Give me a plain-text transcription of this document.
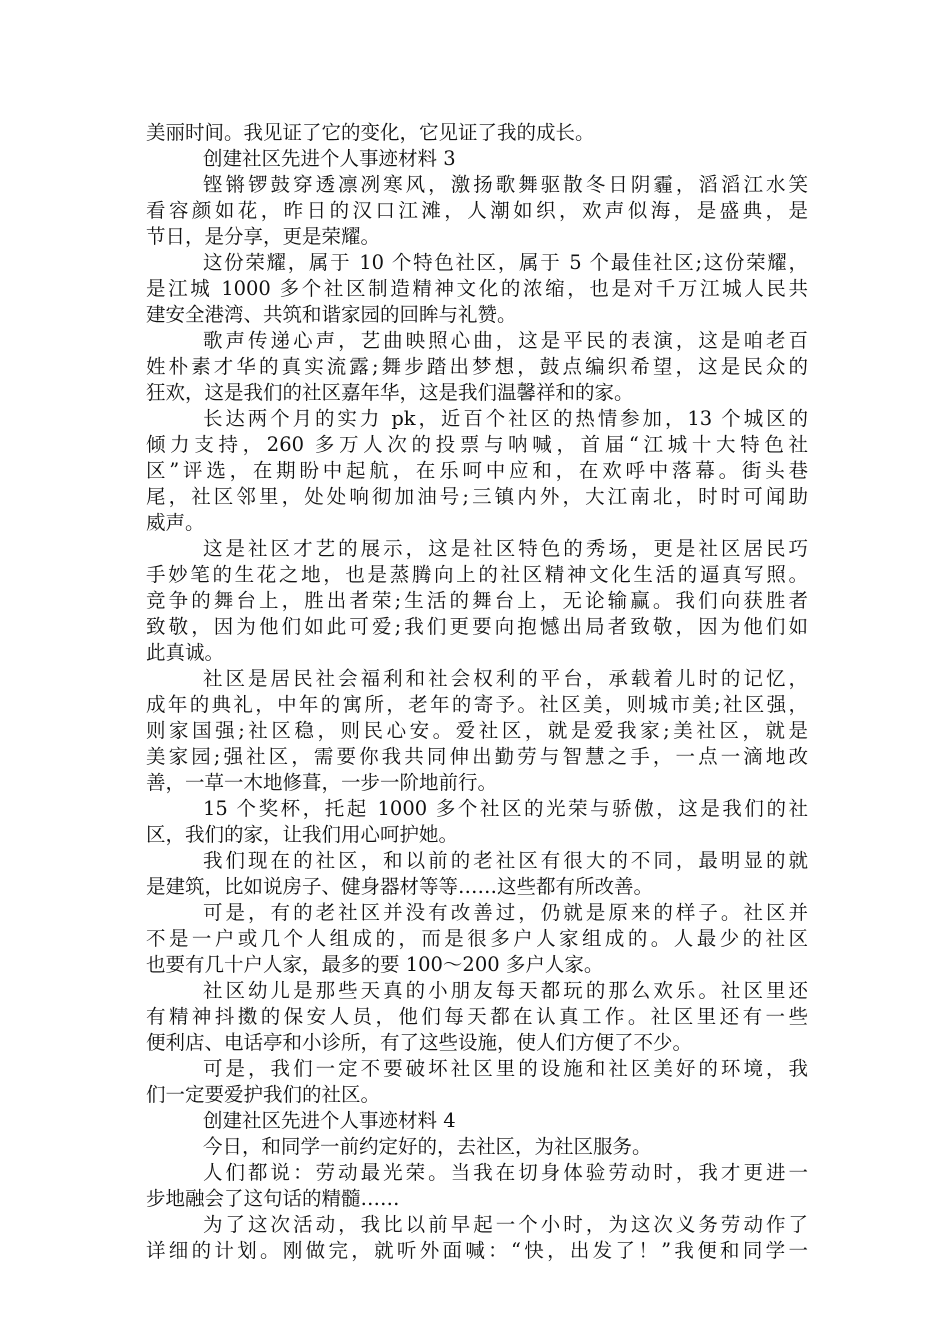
美丽时间。我见证了它的变化，它见证了我的成长。
创建社区先进个人事迹材料 3
铿锵锣鼓穿透凛冽寒风，激扬歌舞驱散冬日阴霾，滔滔江水笑
看容颜如花，昨日的汉口江滩，人潮如织，欢声似海，是盛典，是
节日，是分享，更是荣耀。
这份荣耀，属于 10 个特色社区，属于 5 个最佳社区;这份荣耀，
是江城 1000 多个社区制造精神文化的浓缩，也是对千万江城人民共
建安全港湾、共筑和谐家园的回眸与礼赞。
歌声传递心声，艺曲映照心曲，这是平民的表演，这是咱老百
姓朴素才华的真实流露;舞步踏出梦想，鼓点编织希望，这是民众的
狂欢，这是我们的社区嘉年华，这是我们温馨祥和的家。
长达两个月的实力 pk，近百个社区的热情参加，13 个城区的
倾力支持，260 多万人次的投票与呐喊，首届“江城十大特色社
区”评选，在期盼中起航，在乐呵中应和，在欢呼中落幕。街头巷
尾，社区邻里，处处响彻加油号;三镇内外，大江南北，时时可闻助
威声。
这是社区才艺的展示，这是社区特色的秀场，更是社区居民巧
手妙笔的生花之地，也是蒸腾向上的社区精神文化生活的逼真写照。
竞争的舞台上，胜出者荣;生活的舞台上，无论输赢。我们向获胜者
致敬，因为他们如此可爱;我们更要向抱憾出局者致敬，因为他们如
此真诚。
社区是居民社会福利和社会权利的平台，承载着儿时的记忆，
成年的典礼，中年的寓所，老年的寄予。社区美，则城市美;社区强，
则家国强;社区稳，则民心安。爱社区，就是爱我家;美社区，就是
美家园;强社区，需要你我共同伸出勤劳与智慧之手，一点一滴地改
善，一草一木地修葺，一步一阶地前行。
15 个奖杯，托起 1000 多个社区的光荣与骄傲，这是我们的社
区，我们的家，让我们用心呵护她。
我们现在的社区，和以前的老社区有很大的不同，最明显的就
是建筑，比如说房子、健身器材等等……这些都有所改善。
可是，有的老社区并没有改善过，仍就是原来的样子。社区并
不是一户或几个人组成的，而是很多户人家组成的。人最少的社区
也要有几十户人家，最多的要 100～200 多户人家。
社区幼儿是那些天真的小朋友每天都玩的那么欢乐。社区里还
有精神抖擞的保安人员，他们每天都在认真工作。社区里还有一些
便利店、电话亭和小诊所，有了这些设施，使人们方便了不少。
可是，我们一定不要破坏社区里的设施和社区美好的环境，我
们一定要爱护我们的社区。
创建社区先进个人事迹材料 4
今日，和同学一前约定好的，去社区，为社区服务。
人们都说：劳动最光荣。当我在切身体验劳动时，我才更进一
步地融会了这句话的精髓……
为了这次活动，我比以前早起一个小时，为这次义务劳动作了
详细的计划。刚做完，就听外面喊：“快，出发了！”我便和同学一
